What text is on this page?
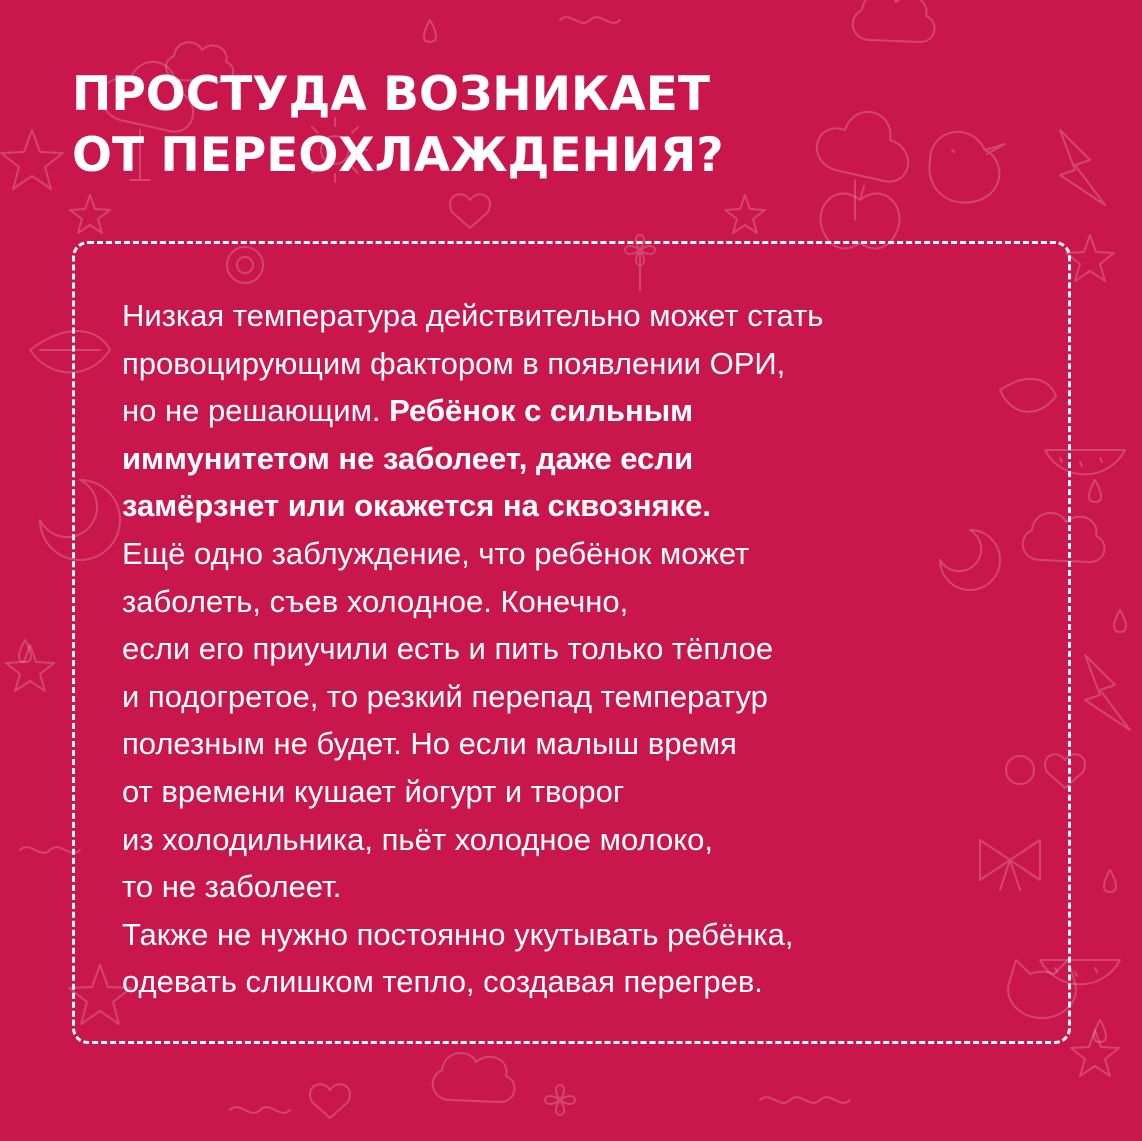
ПРОСТУДА ВОЗНИКАЕТ
ОТ ПЕРЕОХЛАЖДЕНИЯ?

Низкая температура действительно может стать
провоцирующим фактором в появлении ОРИ,
но не решающим. Ребёнок с сильным
иммунитетом не заболеет, даже если
замёрзнет или окажется на сквозняке.
Ещё одно заблуждение, что ребёнок может
заболеть, съев холодное. Конечно,
если его приучили есть и пить только тёплое
и подогретое, то резкий перепад температур
полезным не будет. Но если малыш время
от времени кушает йогурт и творог
из холодильника, пьёт холодное молоко,
то не заболеет.
Также не нужно постоянно укутывать ребёнка,
одевать слишком тепло, создавая перегрев.
